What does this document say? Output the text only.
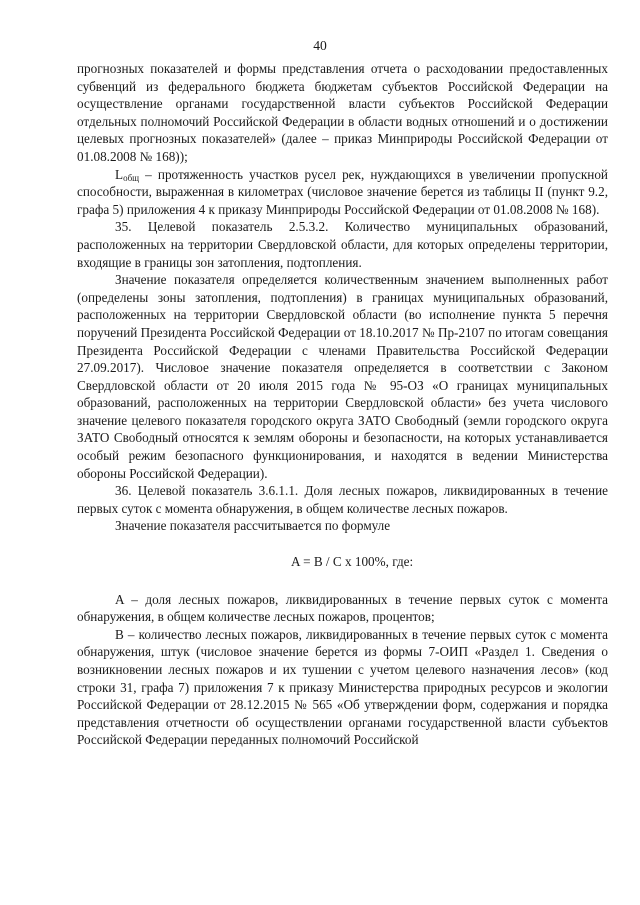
40

прогнозных показателей и формы представления отчета о расходовании предоставленных субвенций из федерального бюджета бюджетам субъектов Российской Федерации на осуществление органами государственной власти субъектов Российской Федерации отдельных полномочий Российской Федерации в области водных отношений и о достижении целевых прогнозных показателей» (далее – приказ Минприроды Российской Федерации от 01.08.2008 № 168));

$L_{общ}$ – протяженность участков русел рек, нуждающихся в увеличении пропускной способности, выраженная в километрах (числовое значение берется из таблицы II (пункт 9.2, графа 5) приложения 4 к приказу Минприроды Российской Федерации от 01.08.2008 № 168).

35. Целевой показатель 2.5.3.2. Количество муниципальных образований, расположенных на территории Свердловской области, для которых определены территории, входящие в границы зон затопления, подтопления.

Значение показателя определяется количественным значением выполненных работ (определены зоны затопления, подтопления) в границах муниципальных образований, расположенных на территории Свердловской области (во исполнение пункта 5 перечня поручений Президента Российской Федерации от 18.10.2017 № Пр-2107 по итогам совещания Президента Российской Федерации с членами Правительства Российской Федерации 27.09.2017). Числовое значение показателя определяется в соответствии с Законом Свердловской области от 20 июля 2015 года № 95-ОЗ «О границах муниципальных образований, расположенных на территории Свердловской области» без учета числового значение целевого показателя городского округа ЗАТО Свободный (земли городского округа ЗАТО Свободный относятся к землям обороны и безопасности, на которых устанавливается особый режим безопасного функционирования, и находятся в ведении Министерства обороны Российской Федерации).

36. Целевой показатель 3.6.1.1. Доля лесных пожаров, ликвидированных в течение первых суток с момента обнаружения, в общем количестве лесных пожаров.

Значение показателя рассчитывается по формуле

A = B / C x 100%, где:

A – доля лесных пожаров, ликвидированных в течение первых суток с момента обнаружения, в общем количестве лесных пожаров, процентов;

B – количество лесных пожаров, ликвидированных в течение первых суток с момента обнаружения, штук (числовое значение берется из формы 7-ОИП «Раздел 1. Сведения о возникновении лесных пожаров и их тушении с учетом целевого назначения лесов» (код строки 31, графа 7) приложения 7 к приказу Министерства природных ресурсов и экологии Российской Федерации от 28.12.2015 № 565 «Об утверждении форм, содержания и порядка представления отчетности об осуществлении органами государственной власти субъектов Российской Федерации переданных полномочий Российской
